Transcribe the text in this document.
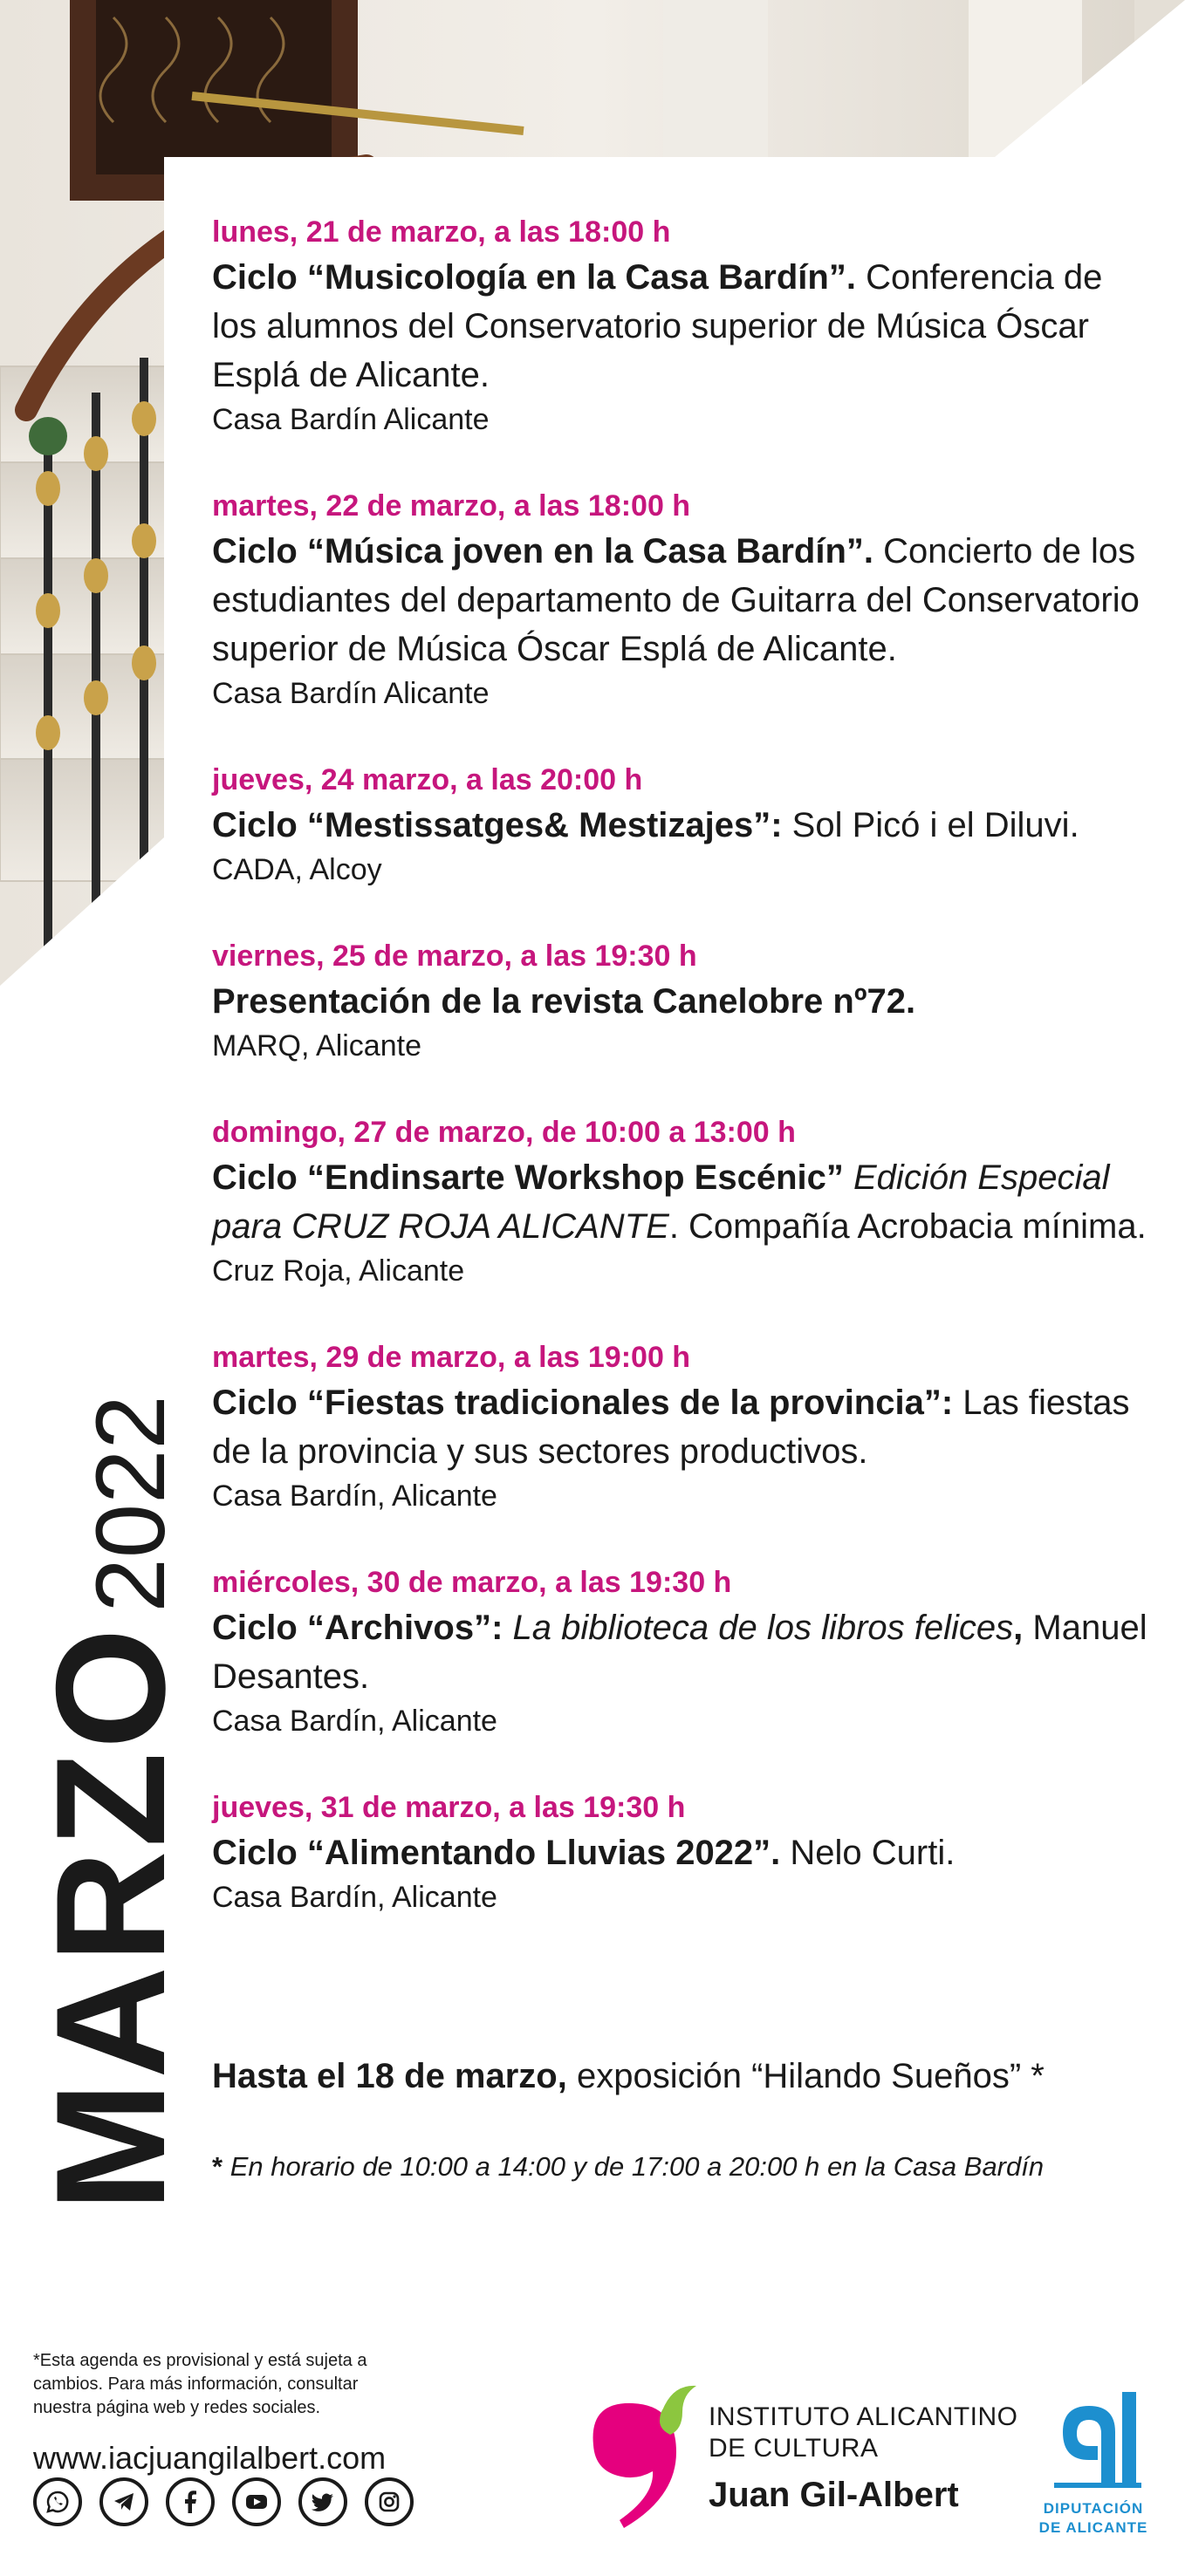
MARZO2022
lunes, 21 de marzo, a las 18:00 h
Ciclo “Musicología en la Casa Bardín”. Conferencia de los alumnos del Conservatorio superior de Música Óscar Esplá de Alicante.
Casa Bardín Alicante
martes, 22 de marzo, a las 18:00 h
Ciclo “Música joven en la Casa Bardín”. Concierto de los estudiantes del departamento de Guitarra del Conservatorio superior de Música Óscar Esplá de Alicante.
Casa Bardín Alicante
jueves, 24 marzo, a las 20:00 h
Ciclo “Mestissatges& Mestizajes”: Sol Picó i el Diluvi.
CADA, Alcoy
viernes, 25 de marzo, a las 19:30 h
Presentación de la revista Canelobre nº72.
MARQ, Alicante
domingo, 27 de marzo, de 10:00 a 13:00 h
Ciclo “Endinsarte Workshop Escénic” Edición Especial para CRUZ ROJA ALICANTE. Compañía Acrobacia mínima.
Cruz Roja, Alicante
martes, 29 de marzo, a las 19:00 h
Ciclo “Fiestas tradicionales de la provincia”: Las fiestas de la provincia y sus sectores productivos.
Casa Bardín, Alicante
miércoles, 30 de marzo, a las 19:30 h
Ciclo “Archivos”: La biblioteca de los libros felices, Manuel Desantes.
Casa Bardín, Alicante
jueves, 31 de marzo, a las 19:30 h
Ciclo “Alimentando Lluvias 2022”. Nelo Curti.
Casa Bardín, Alicante
Hasta el 18 de marzo, exposición “Hilando Sueños” *
* En horario de 10:00 a 14:00 y de 17:00 a 20:00 h en la Casa Bardín
*Esta agenda es provisional y está sujeta a cambios. Para más información, consultar nuestra página web y redes sociales.
www.iacjuangilalbert.com
INSTITUTO ALICANTINO
DE CULTURA
Juan Gil-Albert	DIPUTACIÓN
DE ALICANTE
